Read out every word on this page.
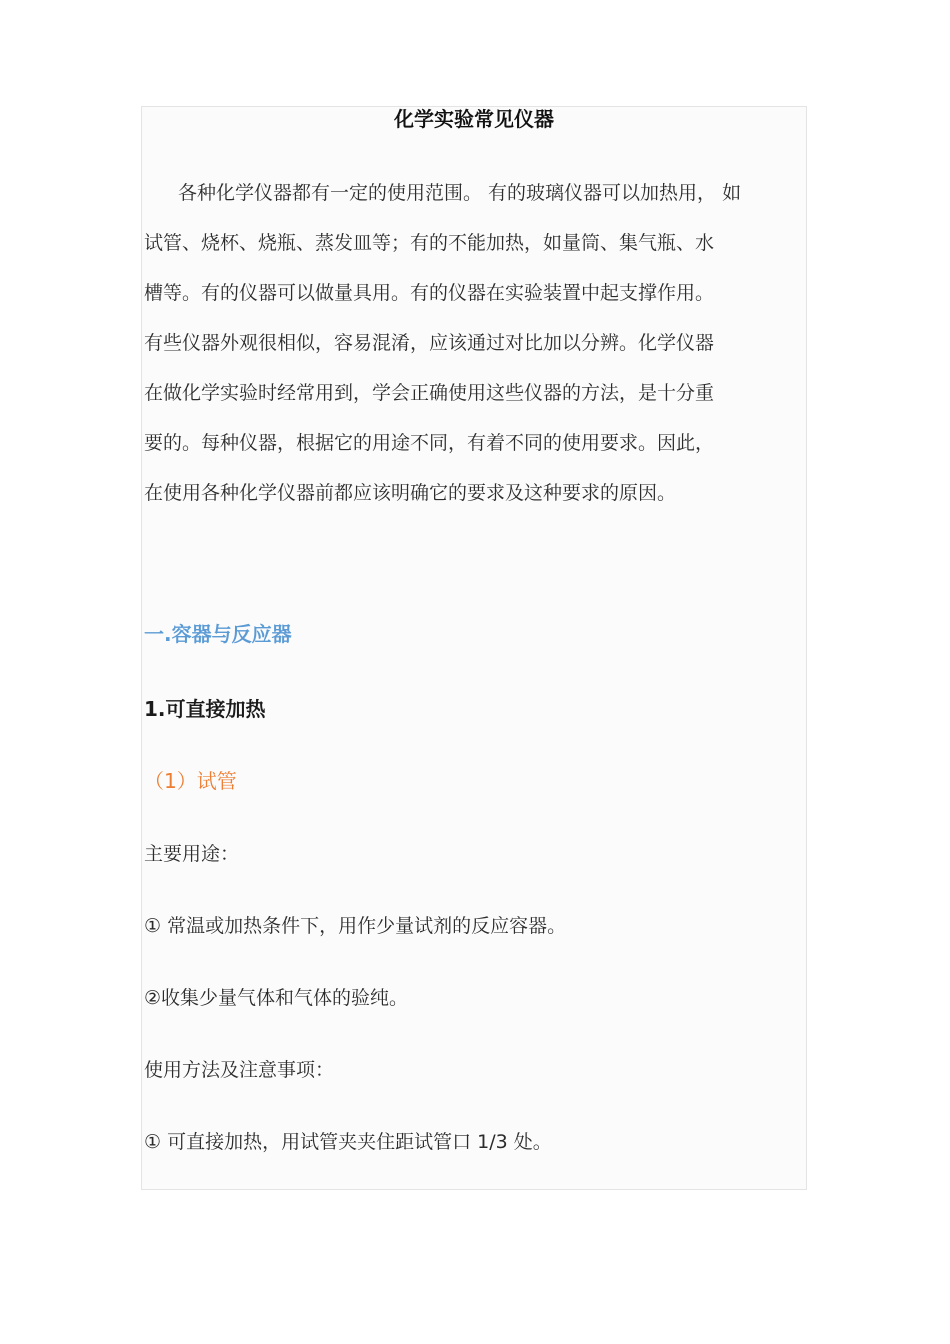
化学实验常见仪器
各种化学仪器都有一定的使用范围。 有的玻璃仪器可以加热用， 如
试管、烧杯、烧瓶、蒸发皿等；有的不能加热，如量筒、集气瓶、水
槽等。有的仪器可以做量具用。有的仪器在实验装置中起支撑作用。
有些仪器外观很相似，容易混淆，应该通过对比加以分辨。化学仪器
在做化学实验时经常用到，学会正确使用这些仪器的方法，是十分重
要的。每种仪器，根据它的用途不同，有着不同的使用要求。因此，
在使用各种化学仪器前都应该明确它的要求及这种要求的原因。
一.容器与反应器
1.可直接加热
（1）试管
主要用途：
① 常温或加热条件下，用作少量试剂的反应容器。
②收集少量气体和气体的验纯。
使用方法及注意事项：
① 可直接加热，用试管夹夹住距试管口 1/3 处。
